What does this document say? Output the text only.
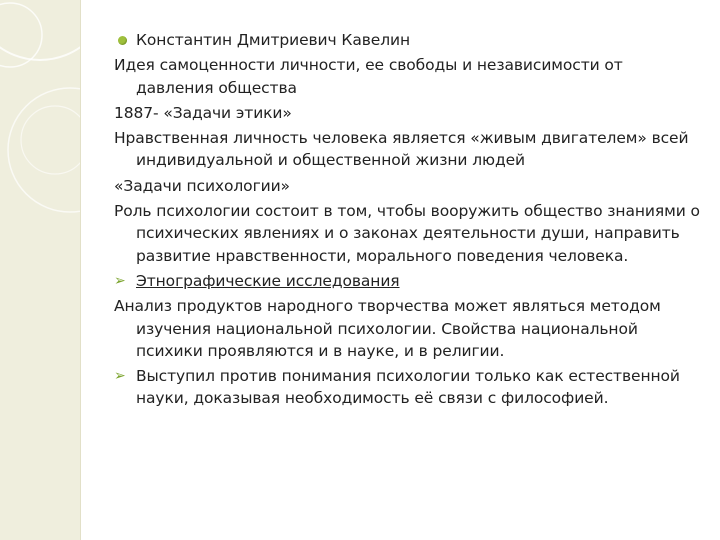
Константин Дмитриевич Кавелин

Идея самоценности личности, ее свободы и независимости от давления общества

1887- «Задачи этики»

Нравственная личность человека является «живым двигателем» всей индивидуальной и общественной жизни людей

«Задачи психологии»

Роль психологии состоит в том, чтобы вооружить общество знаниями о психических явлениях и о законах деятельности души, направить развитие нравственности, морального поведения человека.

➢ Этнографические исследования

Анализ продуктов народного творчества может являться методом изучения национальной психологии. Свойства национальной психики проявляются и в науке, и в религии.

➢ Выступил против понимания психологии только как естественной науки, доказывая необходимость её связи с философией.
